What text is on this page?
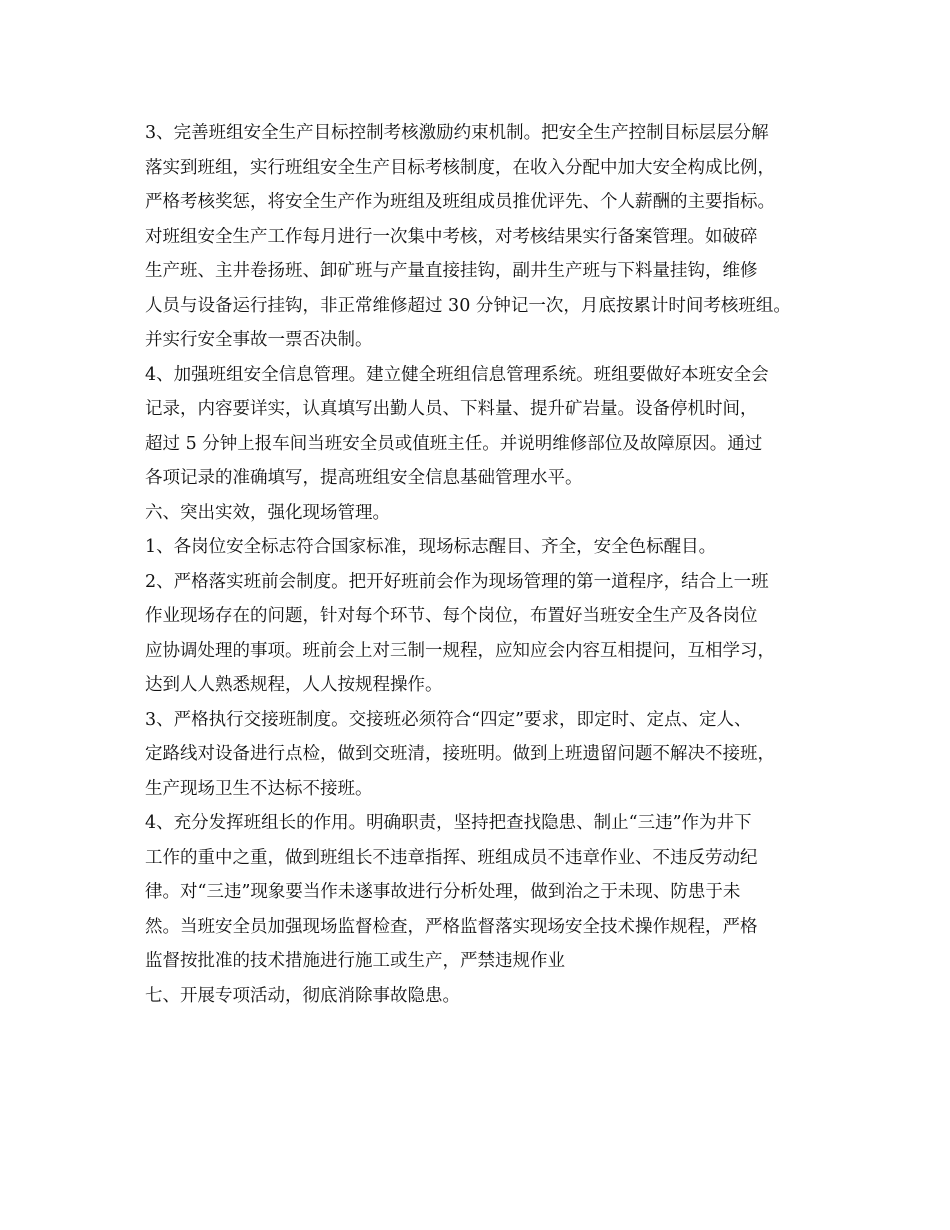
3、完善班组安全生产目标控制考核激励约束机制。把安全生产控制目标层层分解
落实到班组，实行班组安全生产目标考核制度，在收入分配中加大安全构成比例，
严格考核奖惩，将安全生产作为班组及班组成员推优评先、个人薪酬的主要指标。
对班组安全生产工作每月进行一次集中考核，对考核结果实行备案管理。如破碎
生产班、主井卷扬班、卸矿班与产量直接挂钩，副井生产班与下料量挂钩，维修
人员与设备运行挂钩，非正常维修超过 30 分钟记一次，月底按累计时间考核班组。
并实行安全事故一票否决制。
4、加强班组安全信息管理。建立健全班组信息管理系统。班组要做好本班安全会
记录，内容要详实，认真填写出勤人员、下料量、提升矿岩量。设备停机时间，
超过 5 分钟上报车间当班安全员或值班主任。并说明维修部位及故障原因。通过
各项记录的准确填写，提高班组安全信息基础管理水平。
六、突出实效，强化现场管理。
1、各岗位安全标志符合国家标准，现场标志醒目、齐全，安全色标醒目。
2、严格落实班前会制度。把开好班前会作为现场管理的第一道程序，结合上一班
作业现场存在的问题，针对每个环节、每个岗位，布置好当班安全生产及各岗位
应协调处理的事项。班前会上对三制一规程，应知应会内容互相提问，互相学习，
达到人人熟悉规程，人人按规程操作。
3、严格执行交接班制度。交接班必须符合“四定”要求，即定时、定点、定人、
定路线对设备进行点检，做到交班清，接班明。做到上班遗留问题不解决不接班，
生产现场卫生不达标不接班。
4、充分发挥班组长的作用。明确职责，坚持把查找隐患、制止“三违”作为井下
工作的重中之重，做到班组长不违章指挥、班组成员不违章作业、不违反劳动纪
律。对“三违”现象要当作未遂事故进行分析处理，做到治之于未现、防患于未
然。当班安全员加强现场监督检查，严格监督落实现场安全技术操作规程，严格
监督按批准的技术措施进行施工或生产，严禁违规作业
七、开展专项活动，彻底消除事故隐患。
